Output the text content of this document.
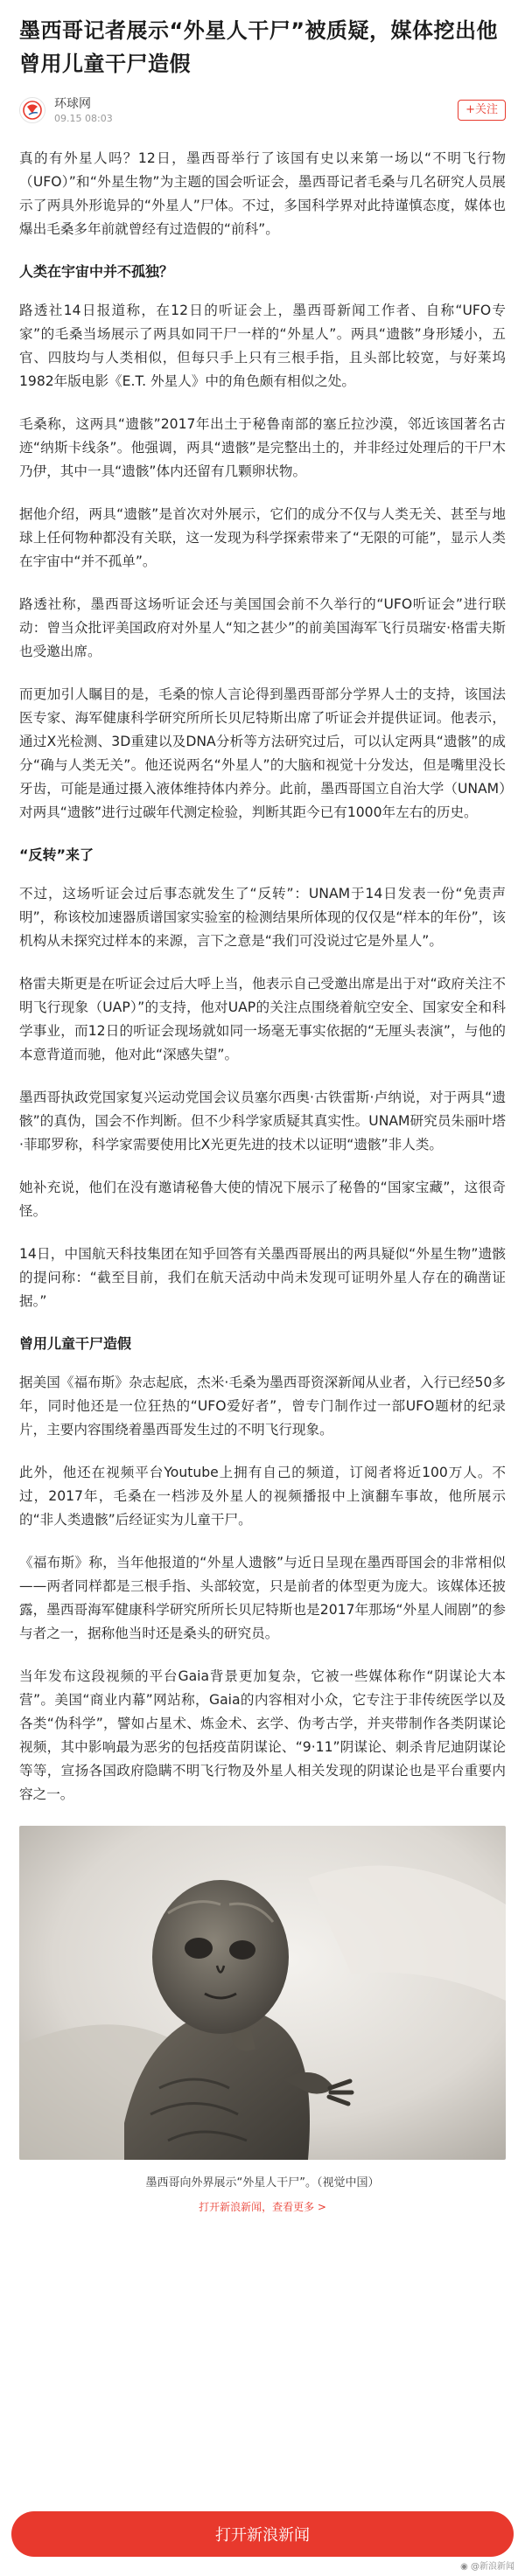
墨西哥记者展示“外星人干尸”被质疑，媒体挖出他曾用儿童干尸造假
环球网
09.15 08:03
+关注

真的有外星人吗？12日，墨西哥举行了该国有史以来第一场以“不明飞行物（UFO）”和“外星生物”为主题的国会听证会，墨西哥记者毛桑与几名研究人员展示了两具外形诡异的“外星人”尸体。不过，多国科学界对此持谨慎态度，媒体也爆出毛桑多年前就曾经有过造假的“前科”。

人类在宇宙中并不孤独？

路透社14日报道称，在12日的听证会上，墨西哥新闻工作者、自称“UFO专家”的毛桑当场展示了两具如同干尸一样的“外星人”。两具“遗骸”身形矮小，五官、四肢均与人类相似，但每只手上只有三根手指，且头部比较宽，与好莱坞1982年版电影《E.T. 外星人》中的角色颇有相似之处。

毛桑称，这两具“遗骸”2017年出土于秘鲁南部的塞丘拉沙漠，邻近该国著名古迹“纳斯卡线条”。他强调，两具“遗骸”是完整出土的，并非经过处理后的干尸木乃伊，其中一具“遗骸”体内还留有几颗卵状物。

据他介绍，两具“遗骸”是首次对外展示，它们的成分不仅与人类无关、甚至与地球上任何物种都没有关联，这一发现为科学探索带来了“无限的可能”，显示人类在宇宙中“并不孤单”。

路透社称，墨西哥这场听证会还与美国国会前不久举行的“UFO听证会”进行联动：曾当众批评美国政府对外星人“知之甚少”的前美国海军飞行员瑞安·格雷夫斯也受邀出席。

而更加引人瞩目的是，毛桑的惊人言论得到墨西哥部分学界人士的支持，该国法医专家、海军健康科学研究所所长贝尼特斯出席了听证会并提供证词。他表示，通过X光检测、3D重建以及DNA分析等方法研究过后，可以认定两具“遗骸”的成分“确与人类无关”。他还说两名“外星人”的大脑和视觉十分发达，但是嘴里没长牙齿，可能是通过摄入液体维持体内养分。此前，墨西哥国立自治大学（UNAM）对两具“遗骸”进行过碳年代测定检验，判断其距今已有1000年左右的历史。

“反转”来了

不过，这场听证会过后事态就发生了“反转”：UNAM于14日发表一份“免责声明”，称该校加速器质谱国家实验室的检测结果所体现的仅仅是“样本的年份”，该机构从未探究过样本的来源，言下之意是“我们可没说过它是外星人”。

格雷夫斯更是在听证会过后大呼上当，他表示自己受邀出席是出于对“政府关注不明飞行现象（UAP）”的支持，他对UAP的关注点围绕着航空安全、国家安全和科学事业，而12日的听证会现场就如同一场毫无事实依据的“无厘头表演”，与他的本意背道而驰，他对此“深感失望”。

墨西哥执政党国家复兴运动党国会议员塞尔西奥·古铁雷斯·卢纳说，对于两具“遗骸”的真伪，国会不作判断。但不少科学家质疑其真实性。UNAM研究员朱丽叶塔·菲耶罗称，科学家需要使用比X光更先进的技术以证明“遗骸”非人类。

她补充说，他们在没有邀请秘鲁大使的情况下展示了秘鲁的“国家宝藏”，这很奇怪。

14日，中国航天科技集团在知乎回答有关墨西哥展出的两具疑似“外星生物”遗骸的提问称：“截至目前，我们在航天活动中尚未发现可证明外星人存在的确凿证据。”

曾用儿童干尸造假

据美国《福布斯》杂志起底，杰米·毛桑为墨西哥资深新闻从业者，入行已经50多年，同时他还是一位狂热的“UFO爱好者”，曾专门制作过一部UFO题材的纪录片，主要内容围绕着墨西哥发生过的不明飞行现象。

此外，他还在视频平台Youtube上拥有自己的频道，订阅者将近100万人。不过，2017年，毛桑在一档涉及外星人的视频播报中上演翻车事故，他所展示的“非人类遗骸”后经证实为儿童干尸。

《福布斯》称，当年他报道的“外星人遗骸”与近日呈现在墨西哥国会的非常相似——两者同样都是三根手指、头部较宽，只是前者的体型更为庞大。该媒体还披露，墨西哥海军健康科学研究所所长贝尼特斯也是2017年那场“外星人闹剧”的参与者之一，据称他当时还是桑头的研究员。

当年发布这段视频的平台Gaia背景更加复杂，它被一些媒体称作“阴谋论大本营”。美国“商业内幕”网站称，Gaia的内容相对小众，它专注于非传统医学以及各类“伪科学”，譬如占星术、炼金术、玄学、伪考古学，并夹带制作各类阴谋论视频，其中影响最为恶劣的包括疫苗阴谋论、“9·11”阴谋论、刺杀肯尼迪阴谋论等等，宣扬各国政府隐瞒不明飞行物及外星人相关发现的阴谋论也是平台重要内容之一。

墨西哥向外界展示“外星人干尸”。（视觉中国）
打开新浪新闻，查看更多 >
打开新浪新闻
◉ @新浪新闻
